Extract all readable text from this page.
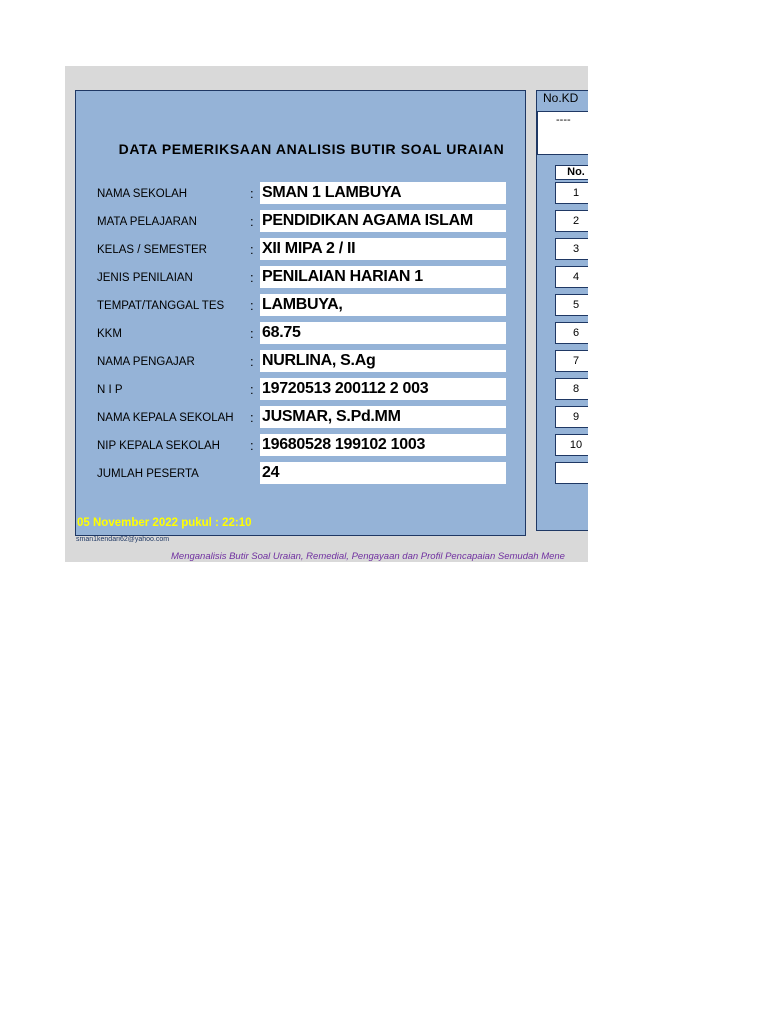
DATA PEMERIKSAAN ANALISIS BUTIR SOAL URAIAN
NAMA SEKOLAH	: SMAN 1 LAMBUYA
MATA PELAJARAN	: PENDIDIKAN AGAMA ISLAM
KELAS / SEMESTER	: XII MIPA 2 / II
JENIS PENILAIAN	: PENILAIAN HARIAN 1
TEMPAT/TANGGAL TES : LAMBUYA,
KKM	: 68.75
NAMA PENGAJAR	: NURLINA, S.Ag
N I P	: 19720513 200112 2 003
NAMA KEPALA SEKOLAH : JUSMAR, S.Pd.MM
NIP KEPALA SEKOLAH : 19680528 199102 1003
JUMLAH PESERTA	24
05 November 2022 pukul : 22:10
sman1kendari62@yahoo.com
Menganalisis Butir Soal Uraian, Remedial, Pengayaan dan Profil Pencapaian Semudah Mene
No.KD
----
No.
1
2
3
4
5
6
7
8
9
10
